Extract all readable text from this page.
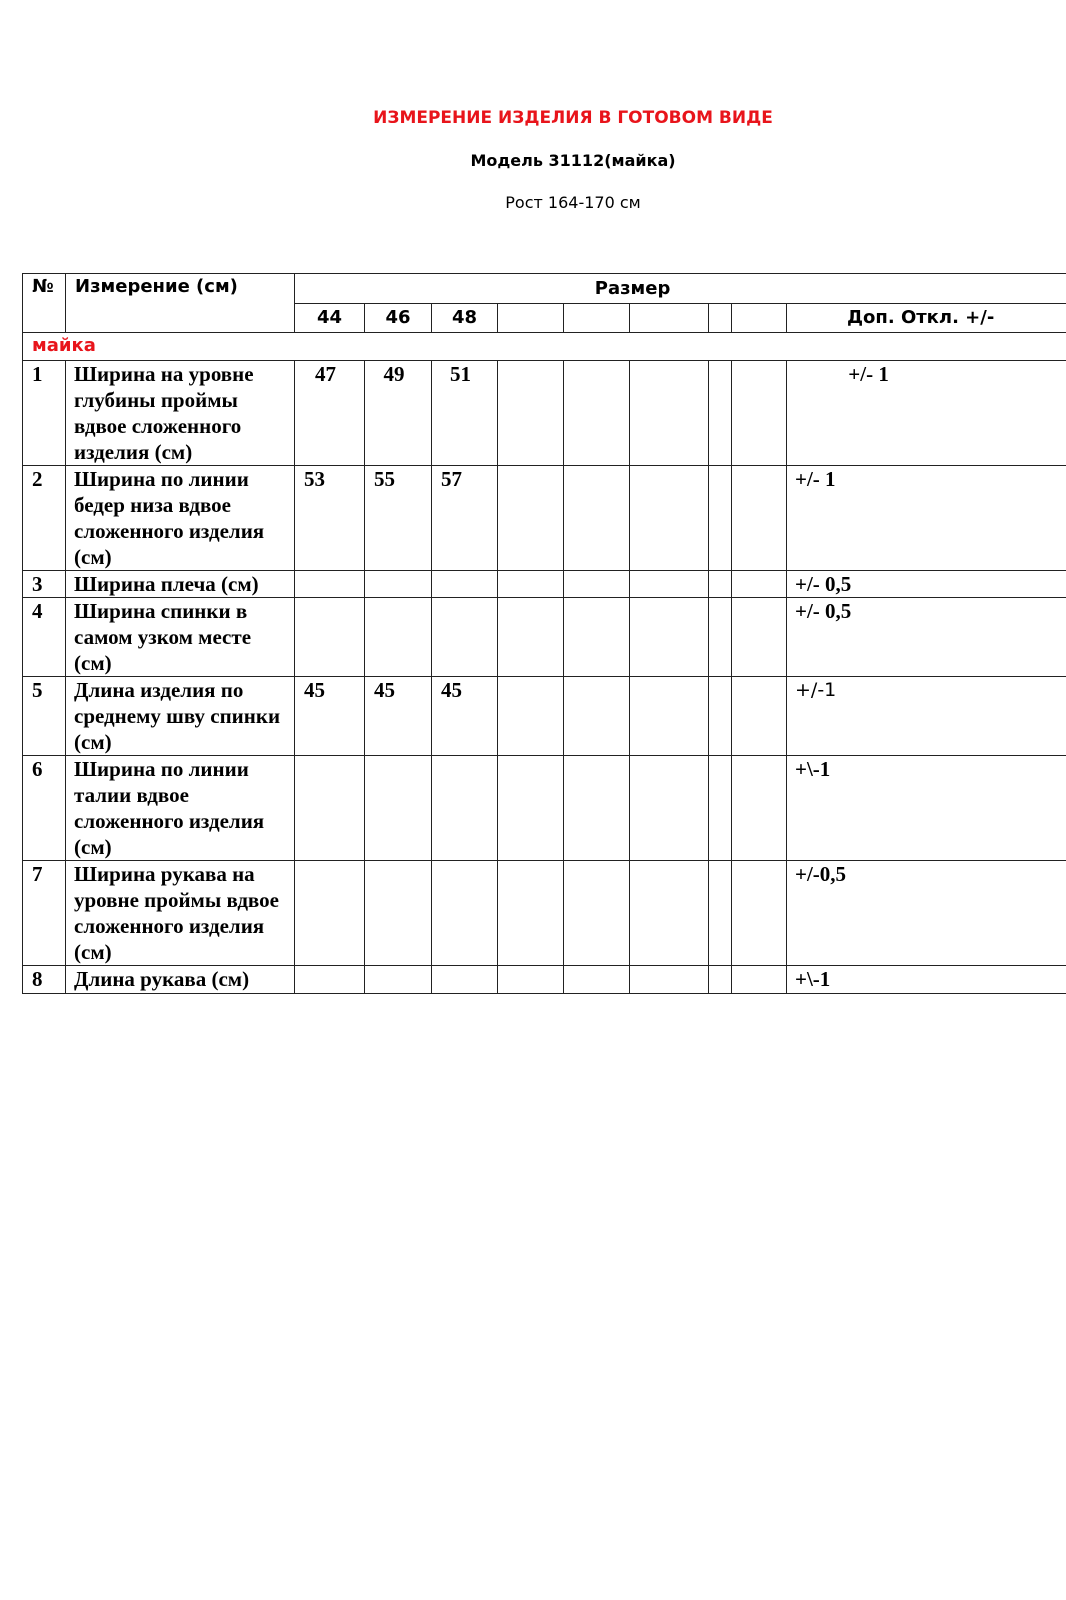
ИЗМЕРЕНИЕ ИЗДЕЛИЯ В ГОТОВОМ ВИДЕ
Модель 31112(майка)
Рост 164-170 см
№	Измерение (см)	Размер								
		44	46	48						Доп. Откл. +/-
майка										
1	Ширина на уровне глубины проймы вдвое сложенного изделия (см)	47	49	51						+/- 1
2	Ширина по линии бедер низа вдвое сложенного изделия (см)	53	55	57						+/- 1
3	Ширина плеча (см)									+/- 0,5
4	Ширина спинки в самом узком месте (см)									+/- 0,5
5	Длина изделия по среднему шву спинки (см)	45	45	45						+/-1
6	Ширина по линии талии вдвое сложенного изделия (см)									+\-1
7	Ширина рукава на уровне проймы вдвое сложенного изделия (см)									+/-0,5
8	Длина рукава (см)									+\-1
